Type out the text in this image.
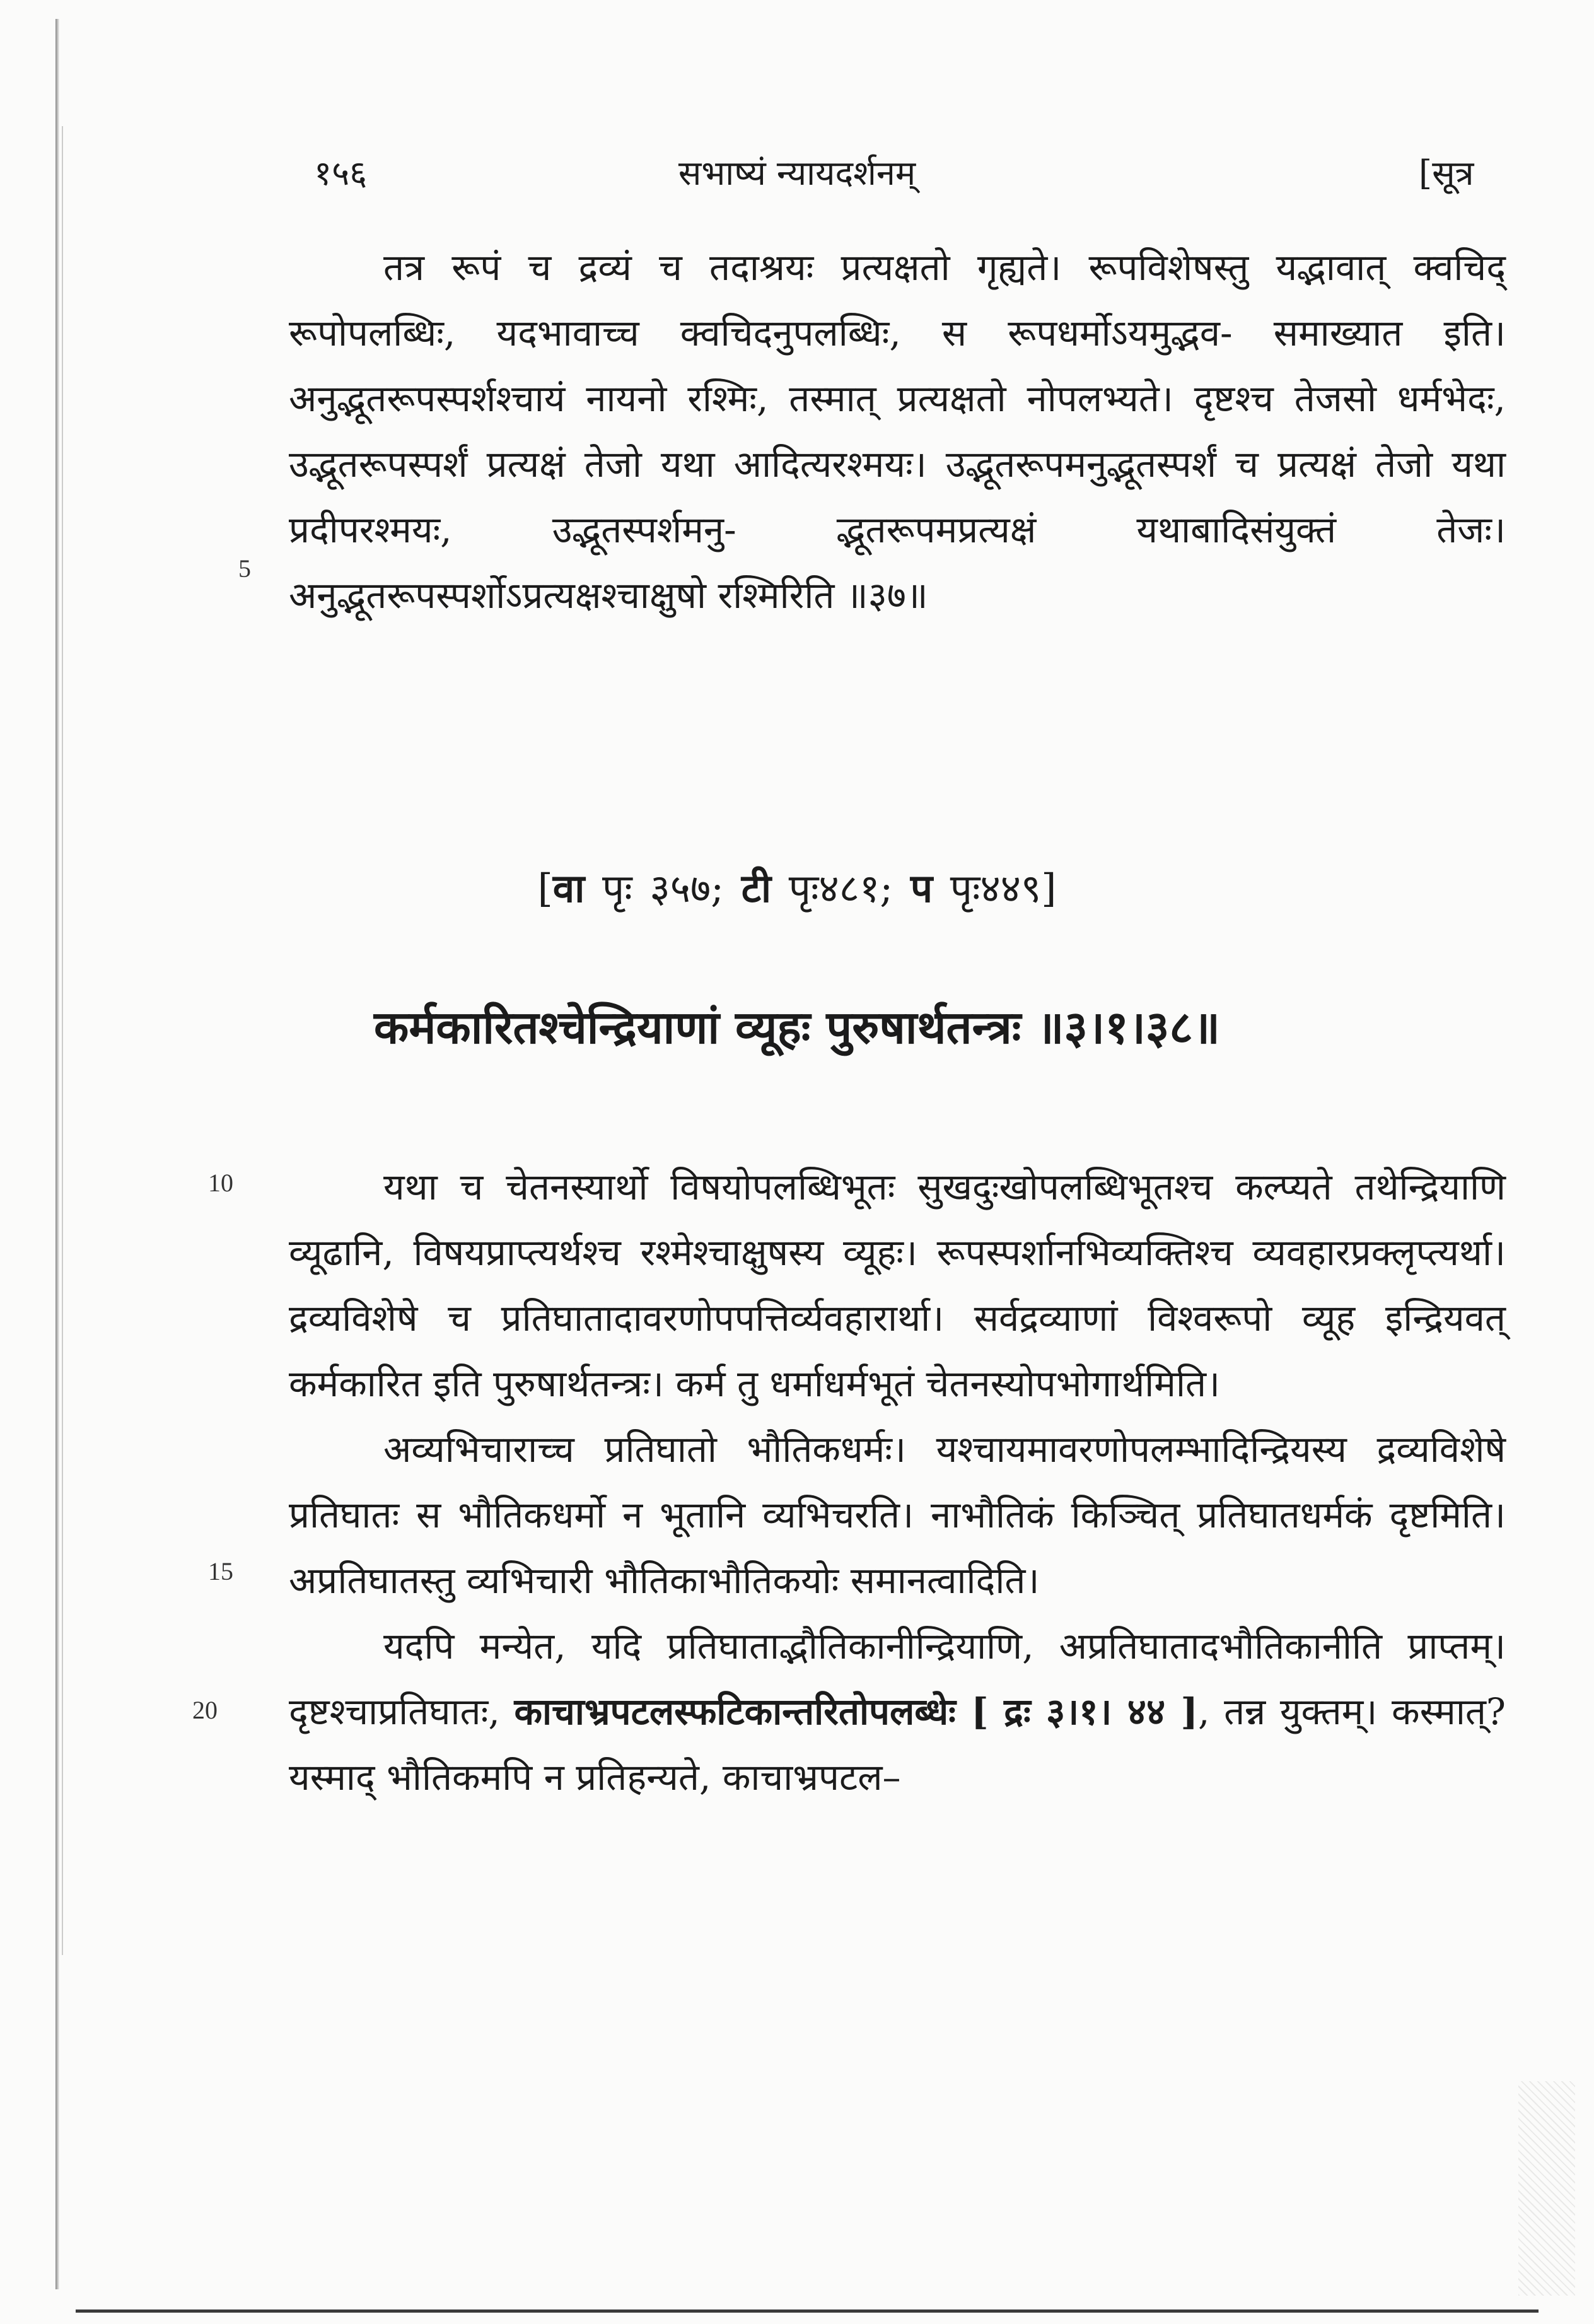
१५६	सभाष्यं न्यायदर्शनम्	[सूत्र

तत्र रूपं च द्रव्यं च तदाश्रयः प्रत्यक्षतो गृह्यते। रूपविशेषस्तु यद्भावात् क्वचिद् रूपोपलब्धिः, यदभावाच्च क्वचिदनुपलब्धिः, स रूपधर्मोऽयमुद्भव- समाख्यात इति। अनुद्भूतरूपस्पर्शश्चायं नायनो रश्मिः, तस्मात् प्रत्यक्षतो नोपलभ्यते। दृष्टश्च तेजसो धर्मभेदः, उद्भूतरूपस्पर्शं प्रत्यक्षं तेजो यथा आदित्यरश्मयः। उद्भूतरूपमनुद्भूतस्पर्शं च प्रत्यक्षं तेजो यथा प्रदीपरश्मयः, उद्भूतस्पर्शमनु- द्भूतरूपमप्रत्यक्षं यथाबादिसंयुक्तं तेजः। अनुद्भूतरूपस्पर्शोऽप्रत्यक्षश्चाक्षुषो रश्मिरिति ॥३७॥

[वा पृः ३५७; टी पृः४८१; प पृः४४९]
कर्मकारितश्चेन्द्रियाणां व्यूहः पुरुषार्थतन्त्रः ॥३।१।३८॥

यथा च चेतनस्यार्थो विषयोपलब्धिभूतः सुखदुःखोपलब्धिभूतश्च कल्प्यते तथेन्द्रियाणि व्यूढानि, विषयप्राप्त्यर्थश्च रश्मेश्चाक्षुषस्य व्यूहः। रूपस्पर्शानभिव्यक्तिश्च व्यवहारप्रक्लृप्त्यर्था। द्रव्यविशेषे च प्रतिघातादावरणोपपत्तिर्व्यवहारार्था। सर्वद्रव्याणां विश्वरूपो व्यूह इन्द्रियवत् कर्मकारित इति पुरुषार्थतन्त्रः। कर्म तु धर्माधर्मभूतं चेतनस्योपभोगार्थमिति।

अव्यभिचाराच्च प्रतिघातो भौतिकधर्मः। यश्चायमावरणोपलम्भादिन्द्रियस्य द्रव्यविशेषे प्रतिघातः स भौतिकधर्मो न भूतानि व्यभिचरति। नाभौतिकं किञ्चित् प्रतिघातधर्मकं दृष्टमिति। अप्रतिघातस्तु व्यभिचारी भौतिकाभौतिकयोः समानत्वादिति।

यदपि मन्येत, यदि प्रतिघाताद्भौतिकानीन्द्रियाणि, अप्रतिघातादभौतिकानीति प्राप्तम्। दृष्टश्चाप्रतिघातः, काचाभ्रपटलस्फटिकान्तरितोपलब्धेः [ द्रः ३।१। ४४ ], तन्न युक्तम्। कस्मात्? यस्माद् भौतिकमपि न प्रतिहन्यते, काचाभ्रपटल–

5
10
15
20
